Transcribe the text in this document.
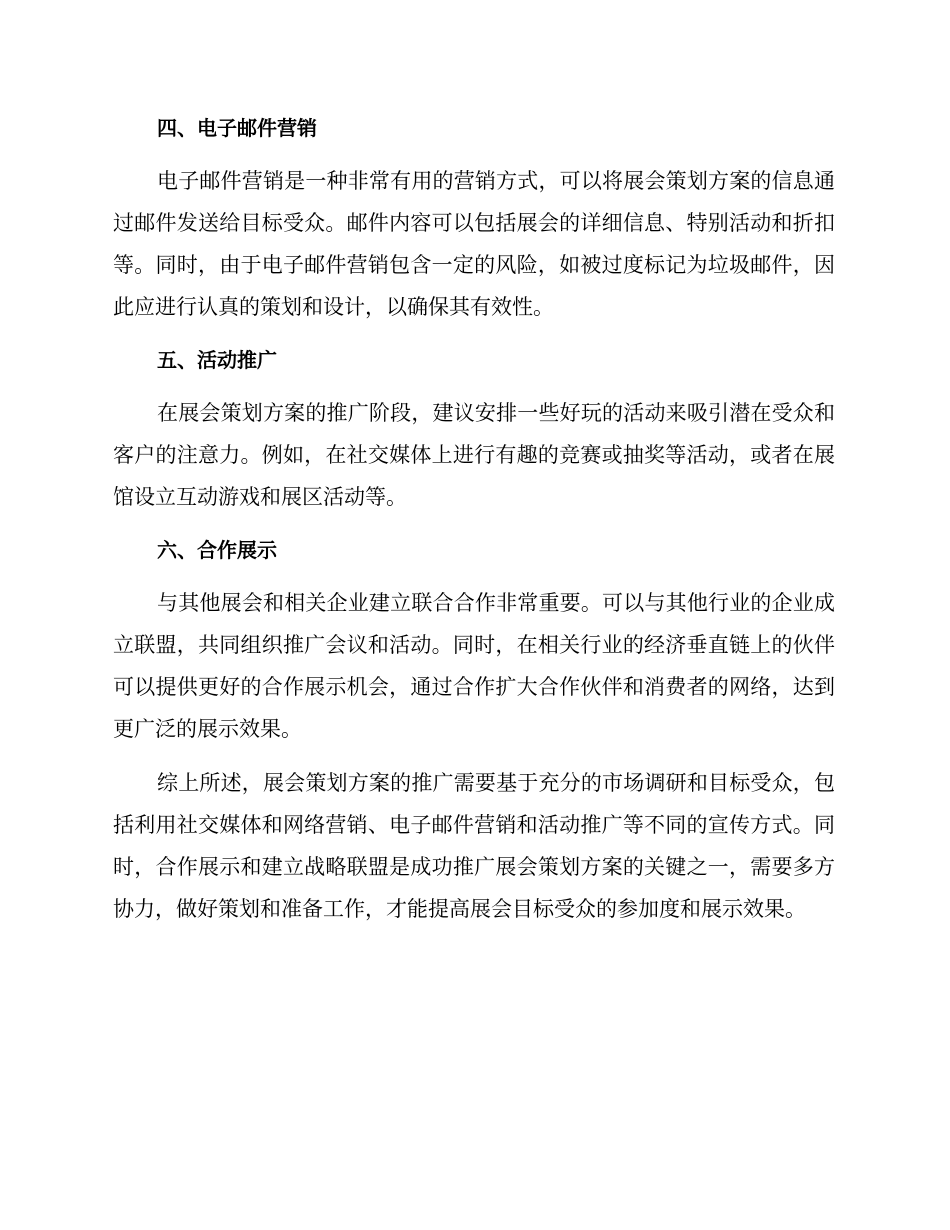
四、电子邮件营销

电子邮件营销是一种非常有用的营销方式，可以将展会策划方案的信息通过邮件发送给目标受众。邮件内容可以包括展会的详细信息、特别活动和折扣等。同时，由于电子邮件营销包含一定的风险，如被过度标记为垃圾邮件，因此应进行认真的策划和设计，以确保其有效性。

五、活动推广

在展会策划方案的推广阶段，建议安排一些好玩的活动来吸引潜在受众和客户的注意力。例如，在社交媒体上进行有趣的竞赛或抽奖等活动，或者在展馆设立互动游戏和展区活动等。

六、合作展示

与其他展会和相关企业建立联合合作非常重要。可以与其他行业的企业成立联盟，共同组织推广会议和活动。同时，在相关行业的经济垂直链上的伙伴可以提供更好的合作展示机会，通过合作扩大合作伙伴和消费者的网络，达到更广泛的展示效果。

综上所述，展会策划方案的推广需要基于充分的市场调研和目标受众，包括利用社交媒体和网络营销、电子邮件营销和活动推广等不同的宣传方式。同时，合作展示和建立战略联盟是成功推广展会策划方案的关键之一，需要多方协力，做好策划和准备工作，才能提高展会目标受众的参加度和展示效果。
